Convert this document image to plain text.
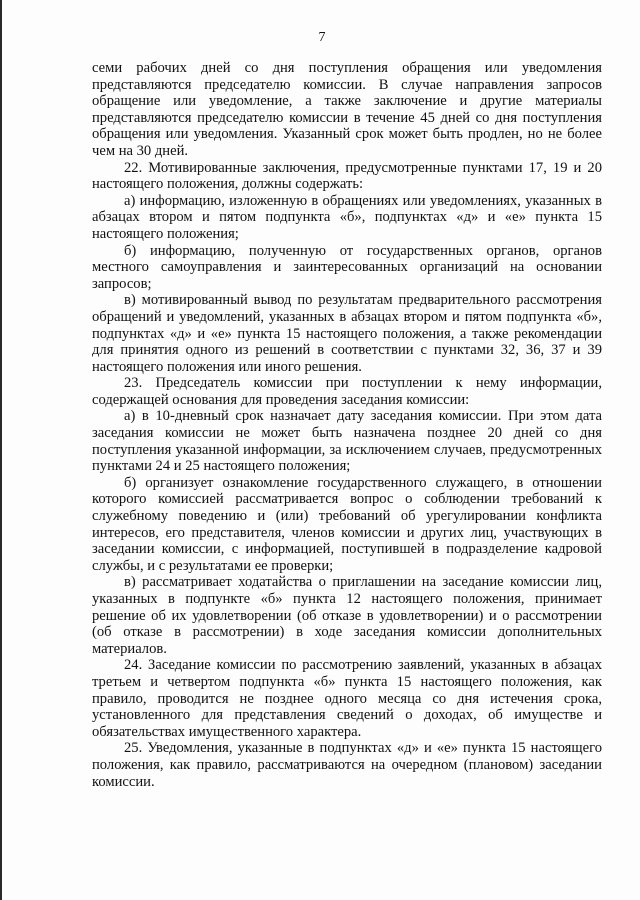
7

семи рабочих дней со дня поступления обращения или уведомления представляются председателю комиссии. В случае направления запросов обращение или уведомление, а также заключение и другие материалы представляются председателю комиссии в течение 45 дней со дня поступления обращения или уведомления. Указанный срок может быть продлен, но не более чем на 30 дней.

22. Мотивированные заключения, предусмотренные пунктами 17, 19 и 20 настоящего положения, должны содержать:

а) информацию, изложенную в обращениях или уведомлениях, указанных в абзацах втором и пятом подпункта «б», подпунктах «д» и «е» пункта 15 настоящего положения;

б) информацию, полученную от государственных органов, органов местного самоуправления и заинтересованных организаций на основании запросов;

в) мотивированный вывод по результатам предварительного рассмотрения обращений и уведомлений, указанных в абзацах втором и пятом подпункта «б», подпунктах «д» и «е» пункта 15 настоящего положения, а также рекомендации для принятия одного из решений в соответствии с пунктами 32, 36, 37 и 39 настоящего положения или иного решения.

23. Председатель комиссии при поступлении к нему информации, содержащей основания для проведения заседания комиссии:

а) в 10-дневный срок назначает дату заседания комиссии. При этом дата заседания комиссии не может быть назначена позднее 20 дней со дня поступления указанной информации, за исключением случаев, предусмотренных пунктами 24 и 25 настоящего положения;

б) организует ознакомление государственного служащего, в отношении которого комиссией рассматривается вопрос о соблюдении требований к служебному поведению и (или) требований об урегулировании конфликта интересов, его представителя, членов комиссии и других лиц, участвующих в заседании комиссии, с информацией, поступившей в подразделение кадровой службы, и с результатами ее проверки;

в) рассматривает ходатайства о приглашении на заседание комиссии лиц, указанных в подпункте «б» пункта 12 настоящего положения, принимает решение об их удовлетворении (об отказе в удовлетворении) и о рассмотрении (об отказе в рассмотрении) в ходе заседания комиссии дополнительных материалов.

24. Заседание комиссии по рассмотрению заявлений, указанных в абзацах третьем и четвертом подпункта «б» пункта 15 настоящего положения, как правило, проводится не позднее одного месяца со дня истечения срока, установленного для представления сведений о доходах, об имуществе и обязательствах имущественного характера.

25. Уведомления, указанные в подпунктах «д» и «е» пункта 15 настоящего положения, как правило, рассматриваются на очередном (плановом) заседании комиссии.
